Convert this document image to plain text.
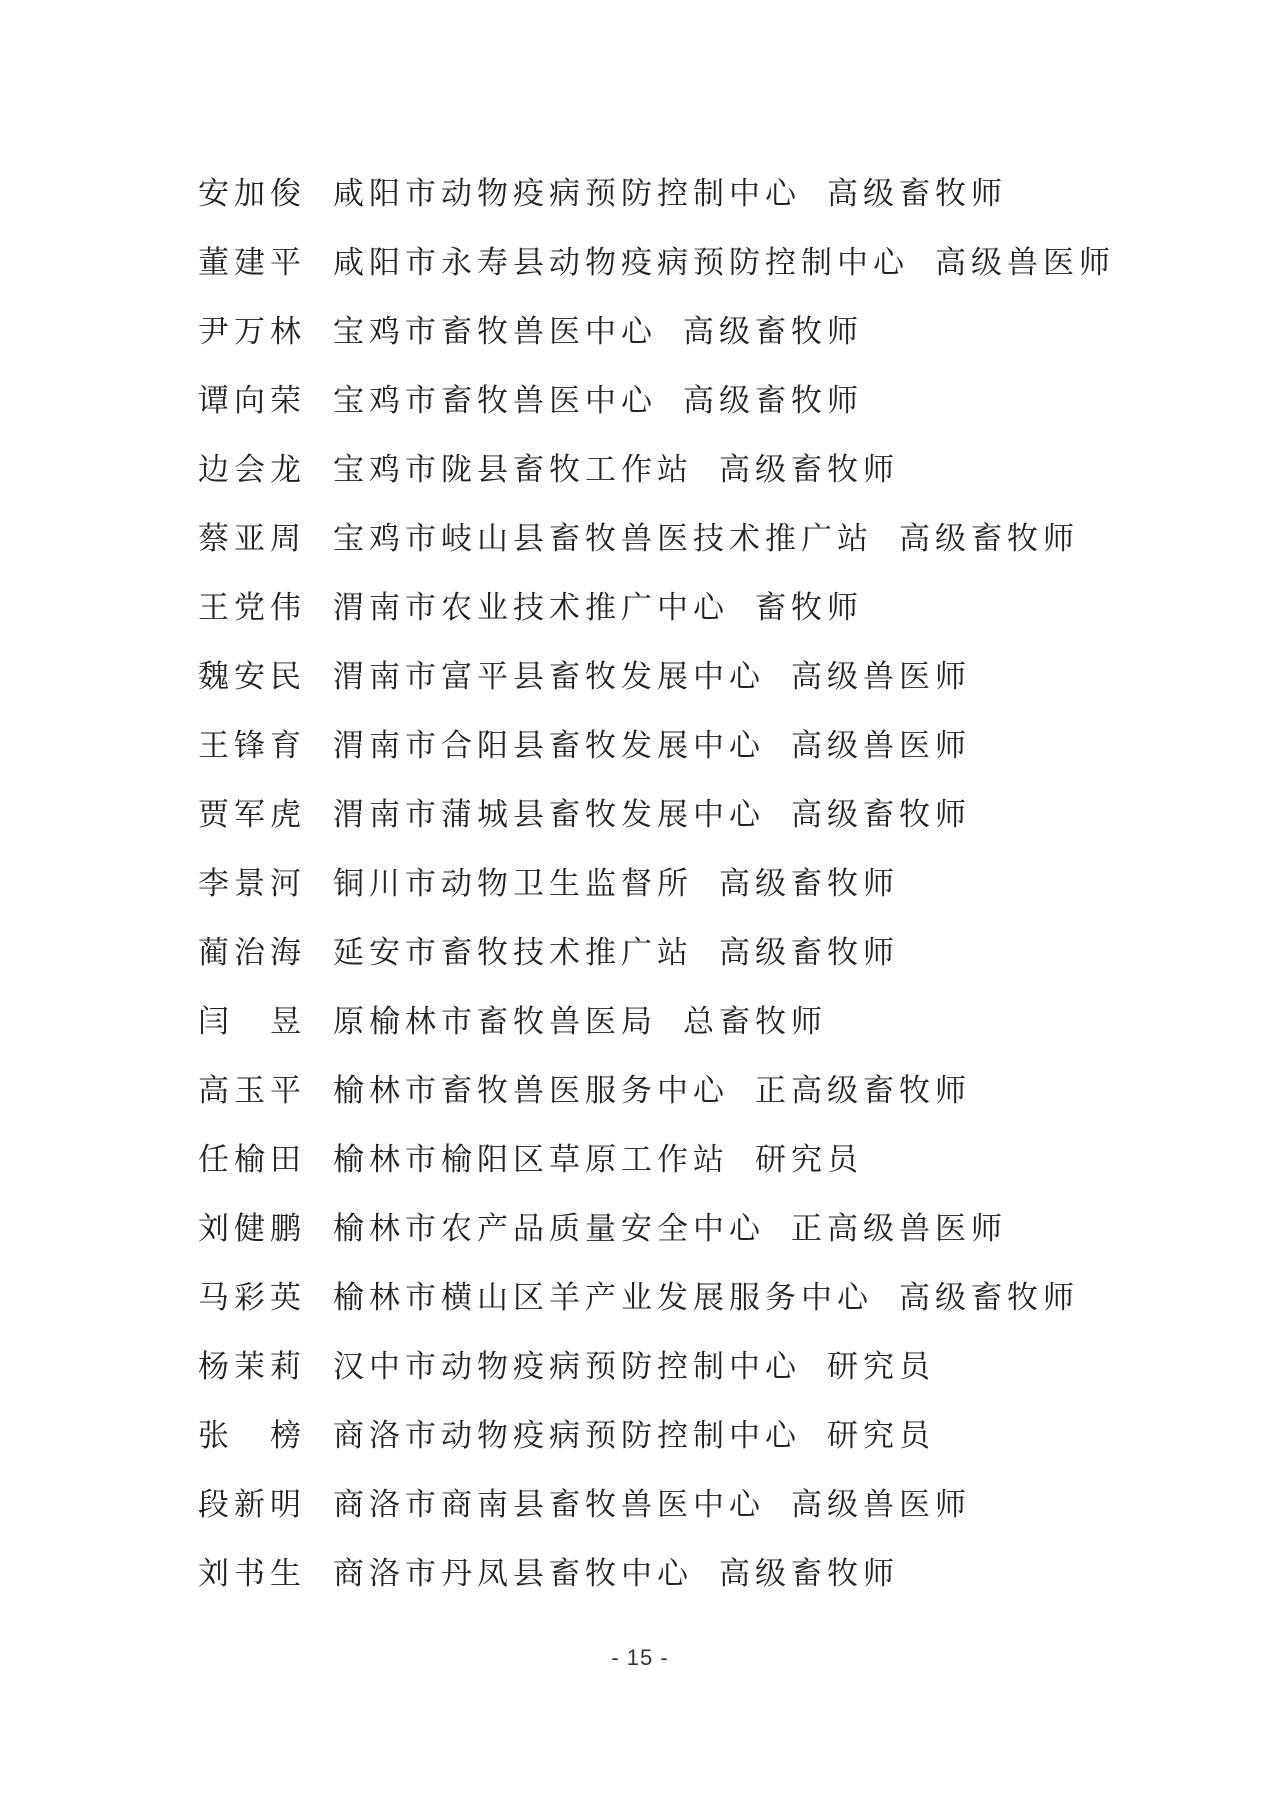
安加俊 咸阳市动物疫病预防控制中心 高级畜牧师
董建平 咸阳市永寿县动物疫病预防控制中心 高级兽医师
尹万林 宝鸡市畜牧兽医中心 高级畜牧师
谭向荣 宝鸡市畜牧兽医中心 高级畜牧师
边会龙 宝鸡市陇县畜牧工作站 高级畜牧师
蔡亚周 宝鸡市岐山县畜牧兽医技术推广站 高级畜牧师
王党伟 渭南市农业技术推广中心 畜牧师
魏安民 渭南市富平县畜牧发展中心 高级兽医师
王锋育 渭南市合阳县畜牧发展中心 高级兽医师
贾军虎 渭南市蒲城县畜牧发展中心 高级畜牧师
李景河 铜川市动物卫生监督所 高级畜牧师
蔺治海 延安市畜牧技术推广站 高级畜牧师
闫　昱 原榆林市畜牧兽医局 总畜牧师
高玉平 榆林市畜牧兽医服务中心 正高级畜牧师
任榆田 榆林市榆阳区草原工作站 研究员
刘健鹏 榆林市农产品质量安全中心 正高级兽医师
马彩英 榆林市横山区羊产业发展服务中心 高级畜牧师
杨茉莉 汉中市动物疫病预防控制中心 研究员
张　榜 商洛市动物疫病预防控制中心 研究员
段新明 商洛市商南县畜牧兽医中心 高级兽医师
刘书生 商洛市丹凤县畜牧中心 高级畜牧师
- 15 -
